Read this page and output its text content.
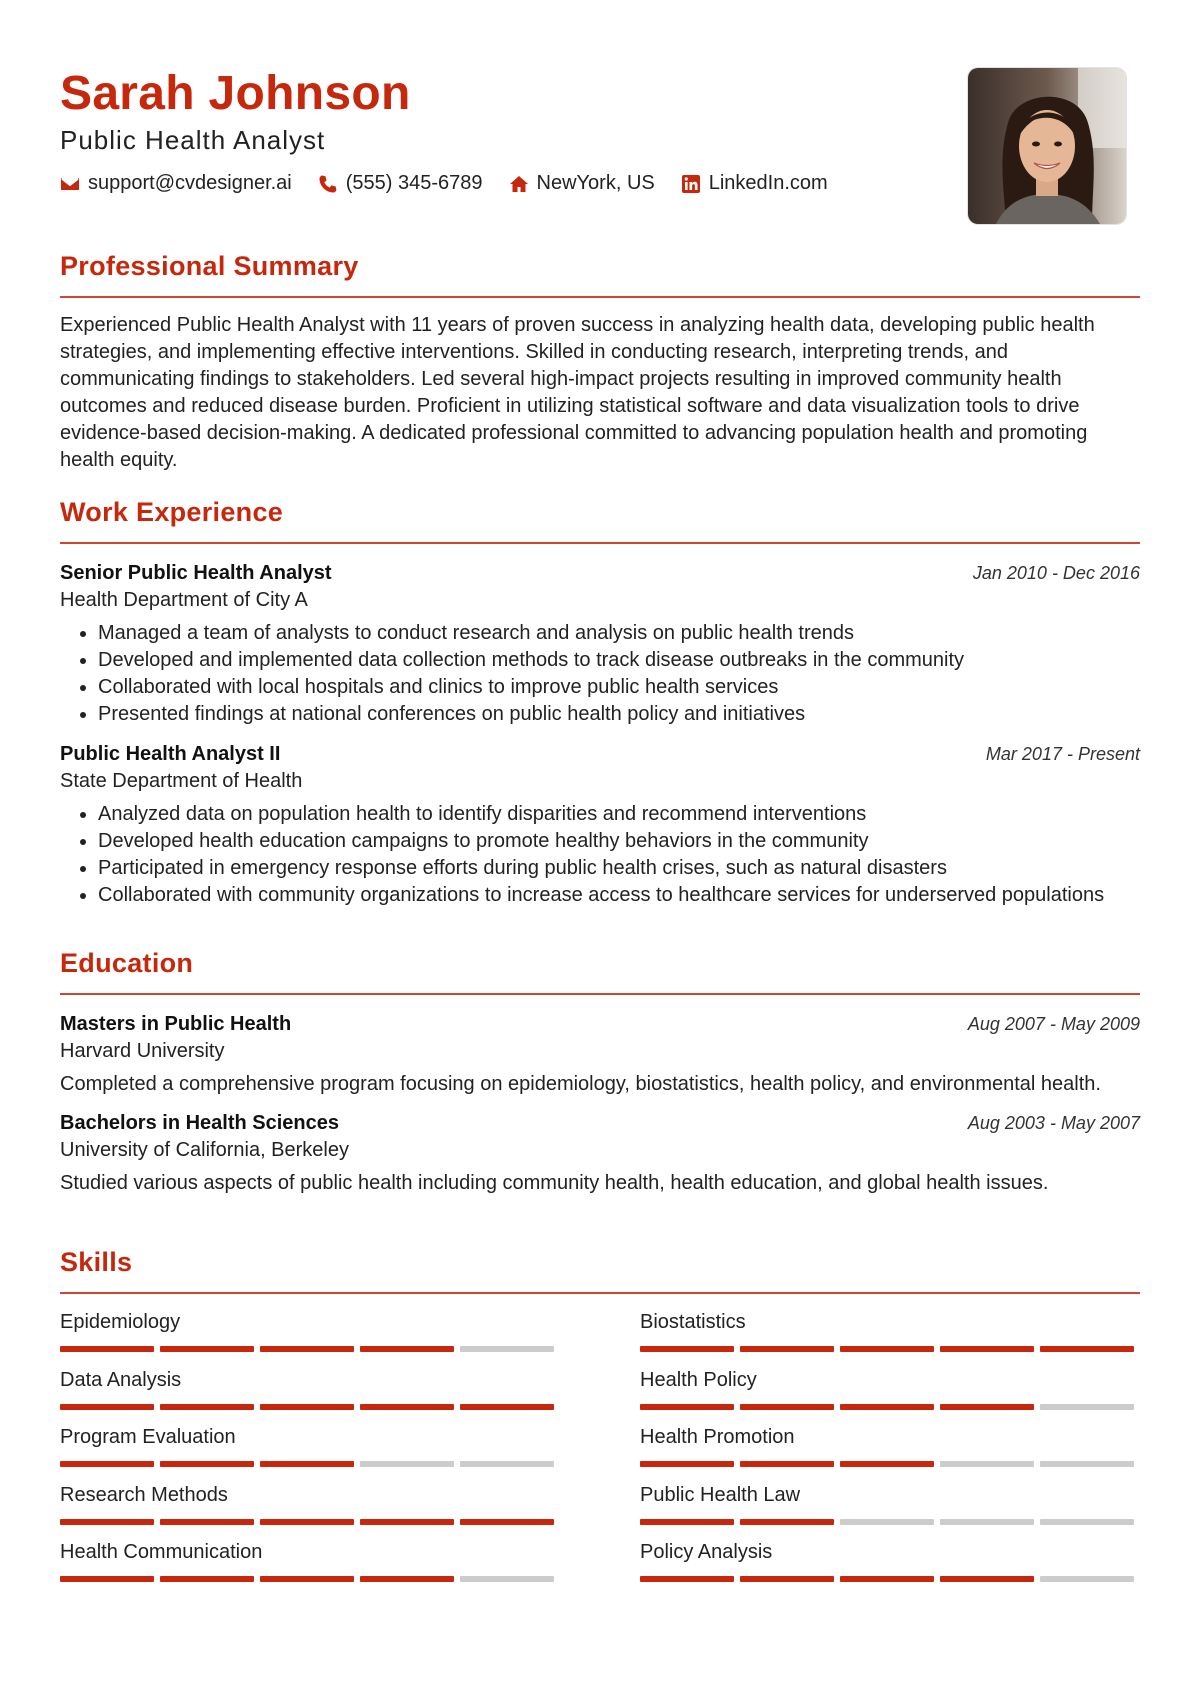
Sarah Johnson
Public Health Analyst
support@cvdesigner.ai	(555) 345-6789	NewYork, US	LinkedIn.com
Professional Summary
Experienced Public Health Analyst with 11 years of proven success in analyzing health data, developing public health strategies, and implementing effective interventions. Skilled in conducting research, interpreting trends, and communicating findings to stakeholders. Led several high-impact projects resulting in improved community health outcomes and reduced disease burden. Proficient in utilizing statistical software and data visualization tools to drive evidence-based decision-making. A dedicated professional committed to advancing population health and promoting health equity.
Work Experience
Senior Public Health Analyst	Jan 2010 - Dec 2016
Health Department of City A
• Managed a team of analysts to conduct research and analysis on public health trends
• Developed and implemented data collection methods to track disease outbreaks in the community
• Collaborated with local hospitals and clinics to improve public health services
• Presented findings at national conferences on public health policy and initiatives
Public Health Analyst II	Mar 2017 - Present
State Department of Health
• Analyzed data on population health to identify disparities and recommend interventions
• Developed health education campaigns to promote healthy behaviors in the community
• Participated in emergency response efforts during public health crises, such as natural disasters
• Collaborated with community organizations to increase access to healthcare services for underserved populations
Education
Masters in Public Health	Aug 2007 - May 2009
Harvard University
Completed a comprehensive program focusing on epidemiology, biostatistics, health policy, and environmental health.
Bachelors in Health Sciences	Aug 2003 - May 2007
University of California, Berkeley
Studied various aspects of public health including community health, health education, and global health issues.
Skills
Epidemiology	Biostatistics
Data Analysis	Health Policy
Program Evaluation	Health Promotion
Research Methods	Public Health Law
Health Communication	Policy Analysis
